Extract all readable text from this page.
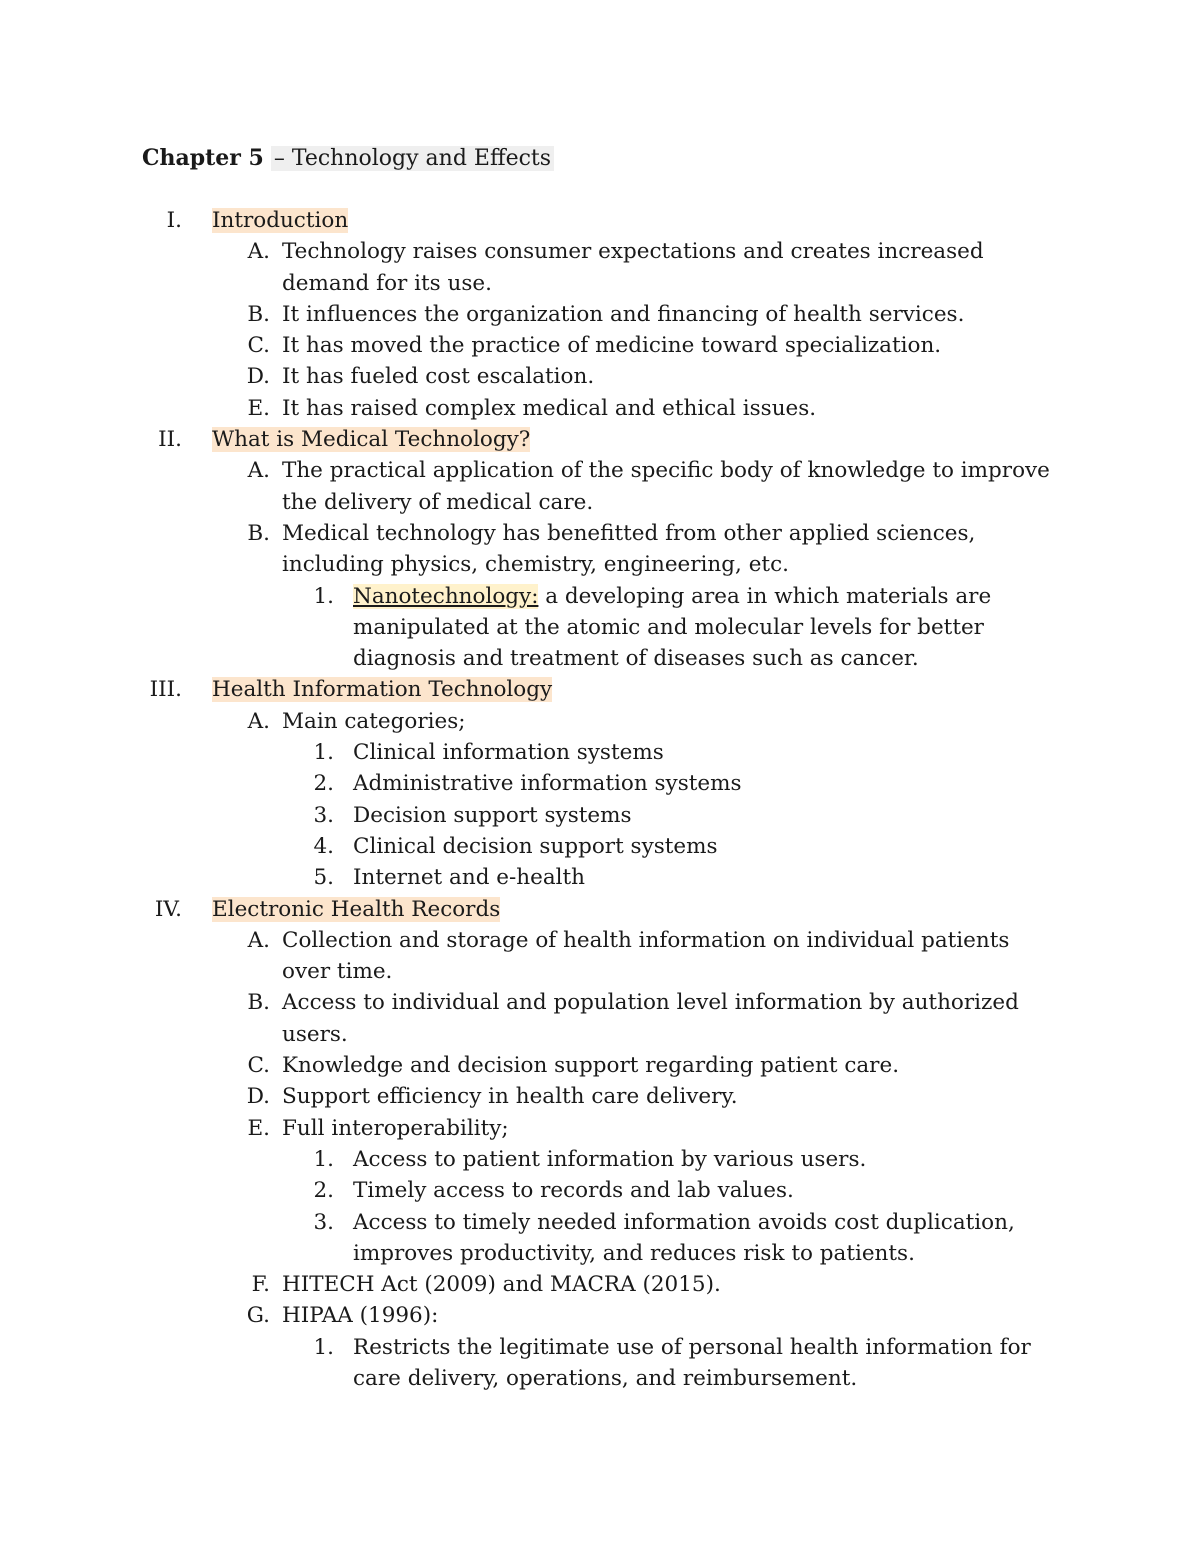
Chapter 5 – Technology and Effects
I. Introduction
A. Technology raises consumer expectations and creates increased demand for its use.
B. It influences the organization and financing of health services.
C. It has moved the practice of medicine toward specialization.
D. It has fueled cost escalation.
E. It has raised complex medical and ethical issues.
II. What is Medical Technology?
A. The practical application of the specific body of knowledge to improve the delivery of medical care.
B. Medical technology has benefitted from other applied sciences, including physics, chemistry, engineering, etc.
1. Nanotechnology: a developing area in which materials are manipulated at the atomic and molecular levels for better diagnosis and treatment of diseases such as cancer.
III. Health Information Technology
A. Main categories;
1. Clinical information systems
2. Administrative information systems
3. Decision support systems
4. Clinical decision support systems
5. Internet and e-health
IV. Electronic Health Records
A. Collection and storage of health information on individual patients over time.
B. Access to individual and population level information by authorized users.
C. Knowledge and decision support regarding patient care.
D. Support efficiency in health care delivery.
E. Full interoperability;
1. Access to patient information by various users.
2. Timely access to records and lab values.
3. Access to timely needed information avoids cost duplication, improves productivity, and reduces risk to patients.
F. HITECH Act (2009) and MACRA (2015).
G. HIPAA (1996):
1. Restricts the legitimate use of personal health information for care delivery, operations, and reimbursement.
